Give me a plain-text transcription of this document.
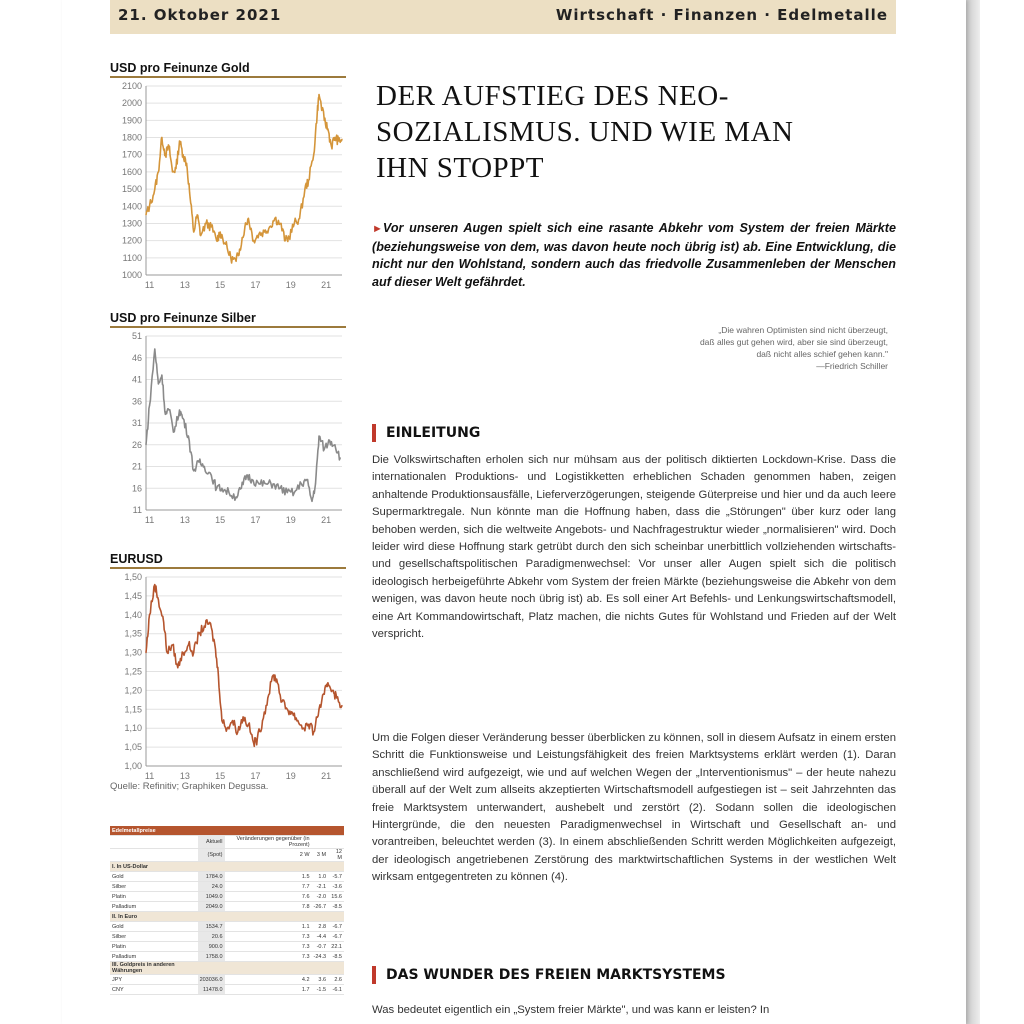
21. Oktober 2021	Wirtschaft · Finanzen · Edelmetalle
USD pro Feinunze Gold
2100
2000
1900
1800
1700
1600
1500
1400
1300
1200
1100
1000
11	13	15	17	19	21
USD pro Feinunze Silber
51
46
41
36
31
26
21
16
11
11	13	15	17	19	21
EURUSD
1,50
1,45
1,40
1,35
1,30
1,25
1,20
1,15
1,10
1,05
1,00
11	13	15	17	19	21
Quelle: Refinitiv; Graphiken Degussa.
Edelmetallpreise				
	Aktuell	Veränderungen gegenüber (in Prozent)		
	(Spot)	2 W	3 M	12 M
I. In US-Dollar				
Gold	1784.0	1.5	1.0	-5.7
Silber	24.0	7.7	-2.1	-3.6
Platin	1049.0	7.6	-2.0	15.6
Palladium	2049.0	7.8	-26.7	-8.5
II. In Euro				
Gold	1534.7	1.1	2.8	-6.7
Silber	20.6	7.3	-4.4	-6.7
Platin	900.0	7.3	-0.7	22.1
Palladium	1758.0	7.3	-24.3	-8.5
III. Goldpreis in anderen Währungen				
JPY	203036.0	4.2	3.6	2.6
CNY	11478.0	1.7	-1.5	-6.1
DER AUFSTIEG DES NEO-SOZIALISMUS. UND WIE MAN IHN STOPPT
►Vor unseren Augen spielt sich eine rasante Abkehr vom System der freien Märkte (beziehungsweise von dem, was davon heute noch übrig ist) ab. Eine Entwicklung, die nicht nur den Wohlstand, sondern auch das friedvolle Zusammenleben der Menschen auf dieser Welt gefährdet.
„Die wahren Optimisten sind nicht überzeugt,
daß alles gut gehen wird, aber sie sind überzeugt,
daß nicht alles schief gehen kann."
—Friedrich Schiller
EINLEITUNG
Die Volkswirtschaften erholen sich nur mühsam aus der politisch diktierten Lockdown-Krise. Dass die internationalen Produktions- und Logistikketten erheblichen Schaden genommen haben, zeigen anhaltende Produktionsausfälle, Lieferverzögerungen, steigende Güterpreise und hier und da auch leere Supermarktregale. Nun könnte man die Hoffnung haben, dass die „Störungen" über kurz oder lang behoben werden, sich die weltweite Angebots- und Nachfragestruktur wieder „normalisieren" wird. Doch leider wird diese Hoffnung stark getrübt durch den sich scheinbar unerbittlich vollziehenden wirtschafts- und gesellschaftspolitischen Paradigmenwechsel: Vor unser aller Augen spielt sich die politisch ideologisch herbeigeführte Abkehr vom System der freien Märkte (beziehungsweise die Abkehr von dem wenigen, was davon heute noch übrig ist) ab. Es soll einer Art Befehls- und Lenkungswirtschaftsmodell, eine Art Kommandowirtschaft, Platz machen, die nichts Gutes für Wohlstand und Frieden auf der Welt verspricht.
Um die Folgen dieser Veränderung besser überblicken zu können, soll in diesem Aufsatz in einem ersten Schritt die Funktionsweise und Leistungsfähigkeit des freien Marktsystems erklärt werden (1). Daran anschließend wird aufgezeigt, wie und auf welchen Wegen der „Interventionismus" – der heute nahezu überall auf der Welt zum allseits akzeptierten Wirtschaftsmodell aufgestiegen ist – seit Jahrzehnten das freie Marktsystem unterwandert, aushebelt und zerstört (2). Sodann sollen die ideologischen Hintergründe, die den neuesten Paradigmenwechsel in Wirtschaft und Gesellschaft an- und vorantreiben, beleuchtet werden (3). In einem abschließenden Schritt werden Möglichkeiten aufgezeigt, der ideologisch angetriebenen Zerstörung des marktwirtschaftlichen Systems in der westlichen Welt wirksam entgegentreten zu können (4).
DAS WUNDER DES FREIEN MARKTSYSTEMS
Was bedeutet eigentlich ein „System freier Märkte", und was kann er leisten? In
